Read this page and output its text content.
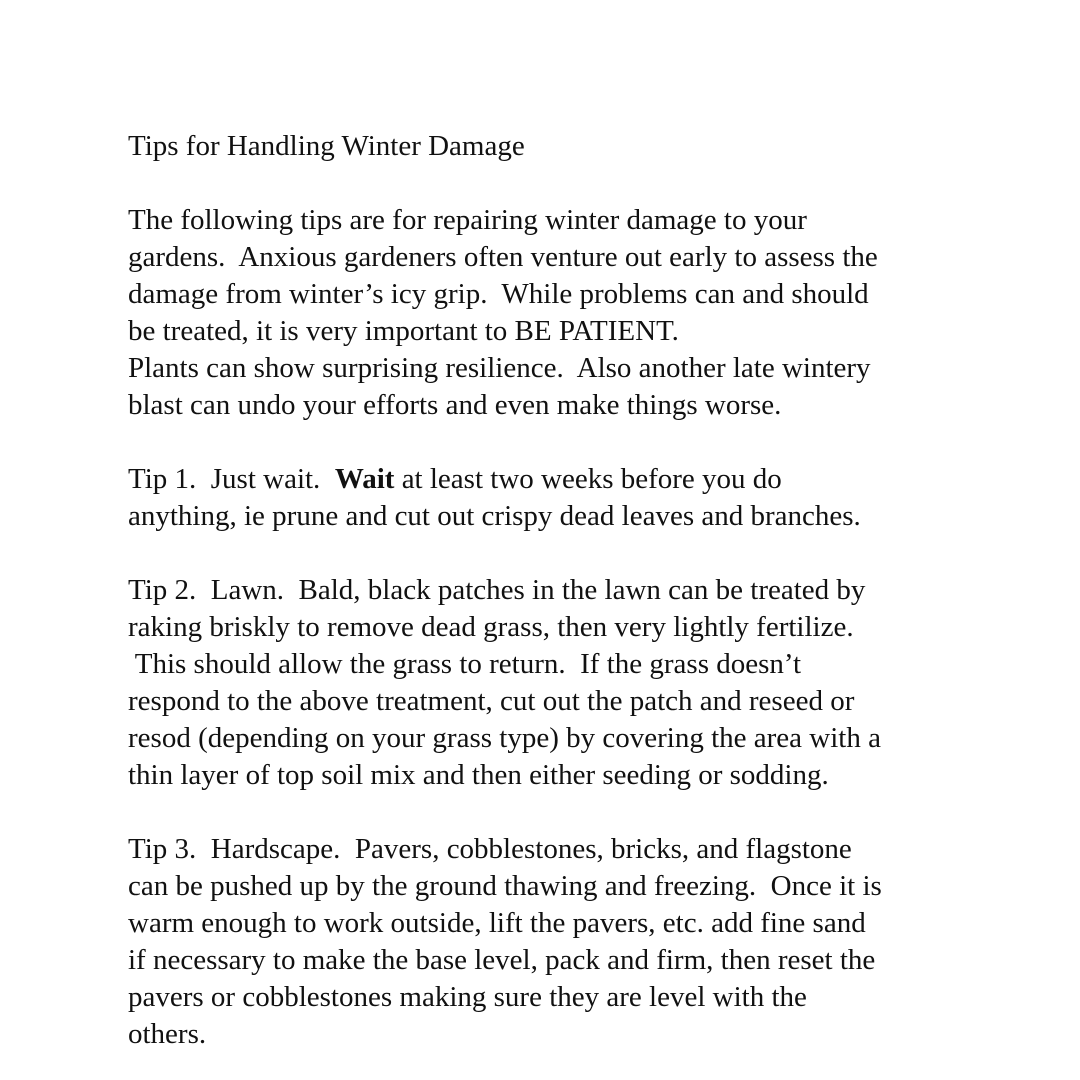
Tips for Handling Winter Damage
The following tips are for repairing winter damage to your
gardens.  Anxious gardeners often venture out early to assess the
damage from winter’s icy grip.  While problems can and should
be treated, it is very important to BE PATIENT.
Plants can show surprising resilience.  Also another late wintery
blast can undo your efforts and even make things worse.
Tip 1.  Just wait.  Wait at least two weeks before you do
anything, ie prune and cut out crispy dead leaves and branches.
Tip 2.  Lawn.  Bald, black patches in the lawn can be treated by
raking briskly to remove dead grass, then very lightly fertilize.
This should allow the grass to return.  If the grass doesn’t
respond to the above treatment, cut out the patch and reseed or
resod (depending on your grass type) by covering the area with a
thin layer of top soil mix and then either seeding or sodding.
Tip 3.  Hardscape.  Pavers, cobblestones, bricks, and flagstone
can be pushed up by the ground thawing and freezing.  Once it is
warm enough to work outside, lift the pavers, etc. add fine sand
if necessary to make the base level, pack and firm, then reset the
pavers or cobblestones making sure they are level with the
others.
